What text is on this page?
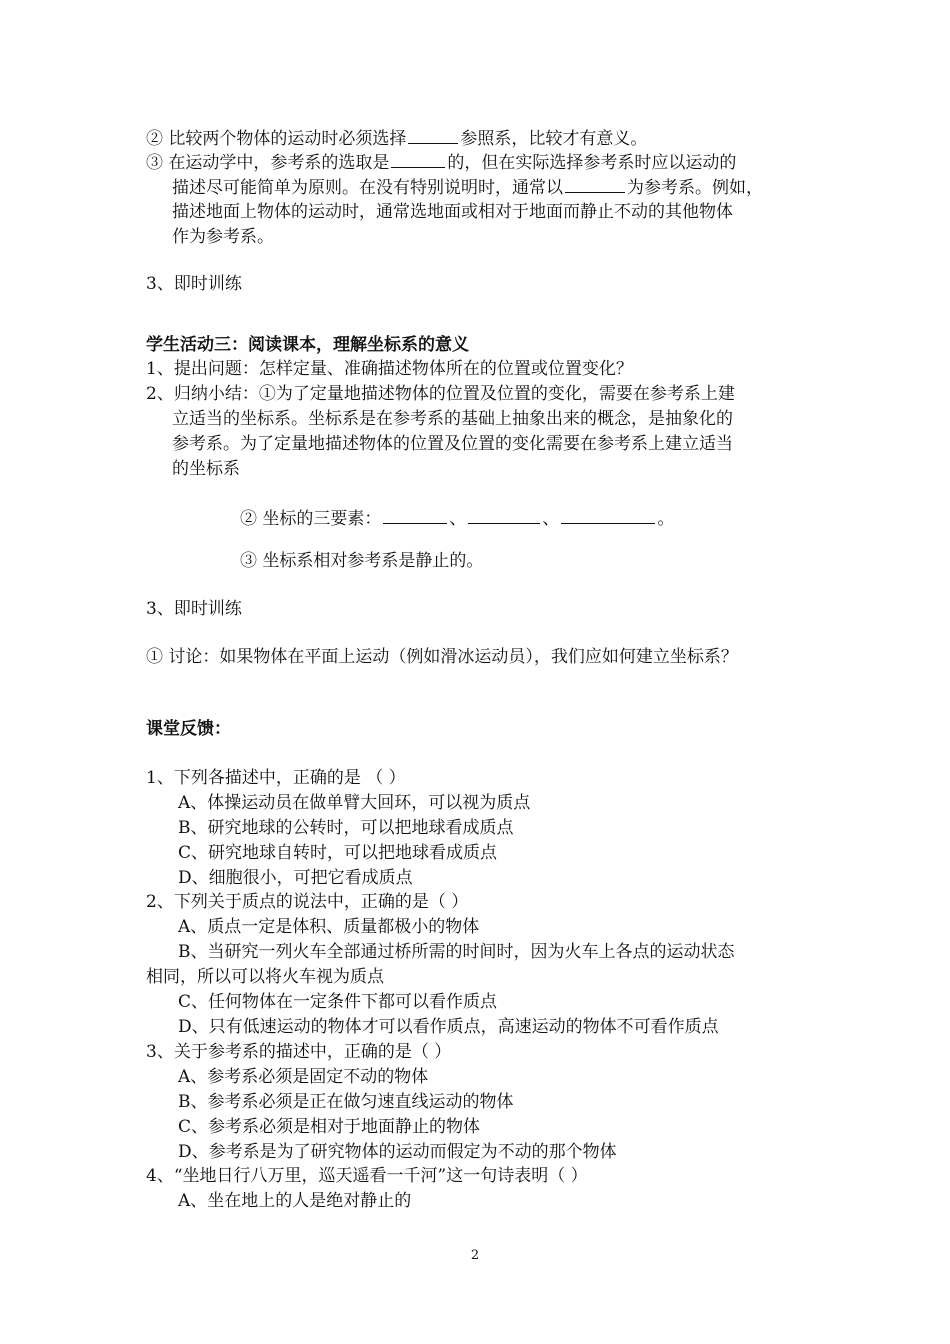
② 比较两个物体的运动时必须选择	参照系，比较才有意义。
③ 在运动学中，参考系的选取是	的，但在实际选择参考系时应以运动的
描述尽可能简单为原则。在没有特别说明时，通常以	为参考系。例如，
描述地面上物体的运动时，通常选地面或相对于地面而静止不动的其他物体
作为参考系。
3、即时训练
学生活动三：阅读课本，理解坐标系的意义
1、提出问题：怎样定量、准确描述物体所在的位置或位置变化？
2、归纳小结：①为了定量地描述物体的位置及位置的变化，需要在参考系上建
立适当的坐标系。坐标系是在参考系的基础上抽象出来的概念，是抽象化的
参考系。为了定量地描述物体的位置及位置的变化需要在参考系上建立适当
的坐标系
② 坐标的三要素：	、	、	。
③ 坐标系相对参考系是静止的。
3、即时训练
① 讨论：如果物体在平面上运动（例如滑冰运动员），我们应如何建立坐标系？
课堂反馈：
1、下列各描述中，正确的是 （ ）
A、体操运动员在做单臂大回环，可以视为质点
B、研究地球的公转时，可以把地球看成质点
C、研究地球自转时，可以把地球看成质点
D、细胞很小，可把它看成质点
2、下列关于质点的说法中，正确的是（ ）
A、质点一定是体积、质量都极小的物体
B、当研究一列火车全部通过桥所需的时间时，因为火车上各点的运动状态
相同，所以可以将火车视为质点
C、任何物体在一定条件下都可以看作质点
D、只有低速运动的物体才可以看作质点，高速运动的物体不可看作质点
3、关于参考系的描述中，正确的是（ ）
A、参考系必须是固定不动的物体
B、参考系必须是正在做匀速直线运动的物体
C、参考系必须是相对于地面静止的物体
D、参考系是为了研究物体的运动而假定为不动的那个物体
4、“坐地日行八万里，巡天遥看一千河”这一句诗表明（ ）
A、坐在地上的人是绝对静止的
2
